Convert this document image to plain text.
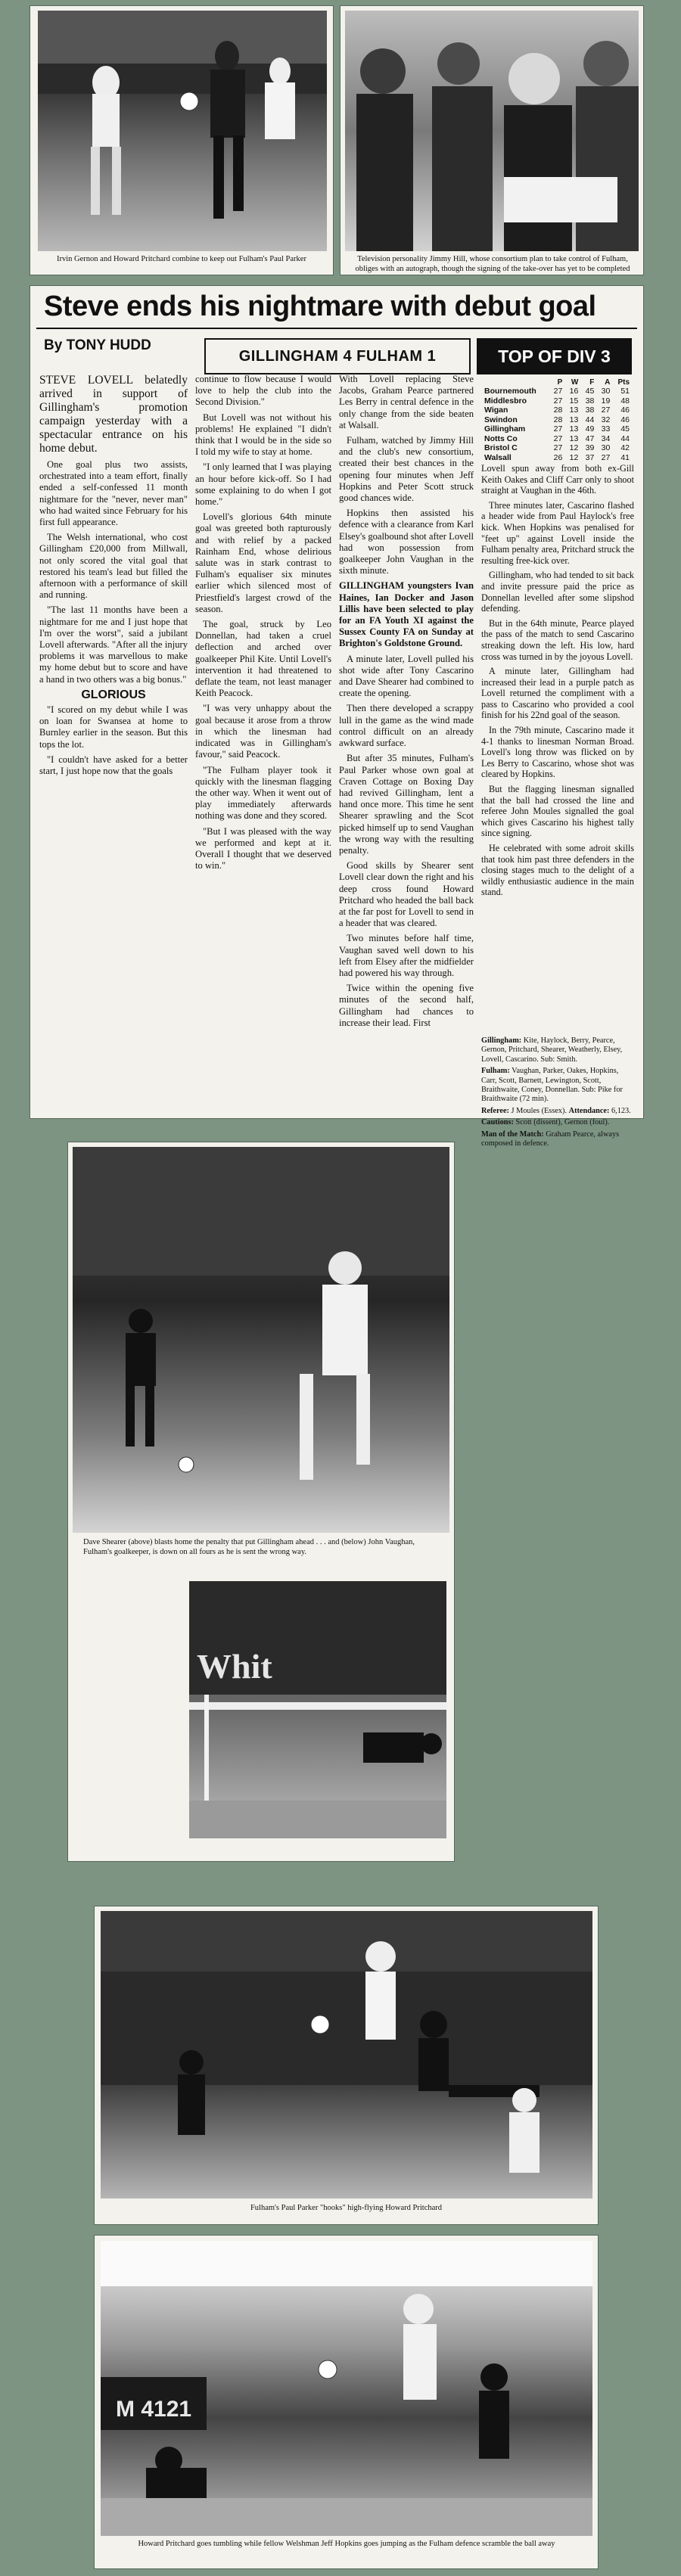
Irvin Gernon and Howard Pritchard combine to keep out Fulham's Paul Parker	Television personality Jimmy Hill, whose consortium plan to take control of Fulham, obliges with an autograph, though the signing of the take-over has yet to be completed
Steve ends his nightmare with debut goal
By TONY HUDD
GILLINGHAM 4 FULHAM 1	TOP OF DIV 3
	P	W	F	A	Pts
Bournemouth	27	16	45	30	51
Middlesbro	27	15	38	19	48
Wigan	28	13	38	27	46
Swindon	28	13	44	32	46
Gillingham	27	13	49	33	45
Notts Co	27	13	47	34	44
Bristol C	27	12	39	30	42
Walsall	26	12	37	27	41

STEVE LOVELL belatedly arrived in support of Gillingham's promotion campaign yesterday with a spectacular entrance on his home debut.

One goal plus two assists, orchestrated into a team effort, finally ended a self-confessed 11 month nightmare for the "never, never man" who had waited since February for his first full appearance.

The Welsh international, who cost Gillingham £20,000 from Millwall, not only scored the vital goal that restored his team's lead but filled the afternoon with a performance of skill and running.

"The last 11 months have been a nightmare for me and I just hope that I'm over the worst", said a jubilant Lovell afterwards. "After all the injury problems it was marvellous to make my home debut but to score and have a hand in two others was a big bonus."

GLORIOUS

"I scored on my debut while I was on loan for Swansea at home to Burnley earlier in the season. But this tops the lot.

"I couldn't have asked for a better start, I just hope now that the goals

continue to flow because I would love to help the club into the Second Division."

But Lovell was not without his problems! He explained "I didn't think that I would be in the side so I told my wife to stay at home.

"I only learned that I was playing an hour before kick-off. So I had some explaining to do when I got home."

Lovell's glorious 64th minute goal was greeted both rapturously and with relief by a packed Rainham End, whose delirious salute was in stark contrast to Fulham's equaliser six minutes earlier which silenced most of Priestfield's largest crowd of the season.

The goal, struck by Leo Donnellan, had taken a cruel deflection and arched over goalkeeper Phil Kite. Until Lovell's intervention it had threatened to deflate the team, not least manager Keith Peacock.

"I was very unhappy about the goal because it arose from a throw in which the linesman had indicated was in Gillingham's favour," said Peacock.

"The Fulham player took it quickly with the linesman flagging the other way. When it went out of play immediately afterwards nothing was done and they scored.

"But I was pleased with the way we performed and kept at it. Overall I thought that we deserved to win."

With Lovell replacing Steve Jacobs, Graham Pearce partnered Les Berry in central defence in the only change from the side beaten at Walsall.

Fulham, watched by Jimmy Hill and the club's new consortium, created their best chances in the opening four minutes when Jeff Hopkins and Peter Scott struck good chances wide.

Hopkins then assisted his defence with a clearance from Karl Elsey's goalbound shot after Lovell had won possession from goalkeeper John Vaughan in the sixth minute.

GILLINGHAM youngsters Ivan Haines, Ian Docker and Jason Lillis have been selected to play for an FA Youth XI against the Sussex County FA on Sunday at Brighton's Goldstone Ground.

A minute later, Lovell pulled his shot wide after Tony Cascarino and Dave Shearer had combined to create the opening.

Then there developed a scrappy lull in the game as the wind made control difficult on an already awkward surface.

But after 35 minutes, Fulham's Paul Parker whose own goal at Craven Cottage on Boxing Day had revived Gillingham, lent a hand once more. This time he sent Shearer sprawling and the Scot picked himself up to send Vaughan the wrong way with the resulting penalty.

Good skills by Shearer sent Lovell clear down the right and his deep cross found Howard Pritchard who headed the ball back at the far post for Lovell to send in a header that was cleared.

Two minutes before half time, Vaughan saved well down to his left from Elsey after the midfielder had powered his way through.

Twice within the opening five minutes of the second half, Gillingham had chances to increase their lead. First

Lovell spun away from both ex-Gill Keith Oakes and Cliff Carr only to shoot straight at Vaughan in the 46th.

Three minutes later, Cascarino flashed a header wide from Paul Haylock's free kick. When Hopkins was penalised for "feet up" against Lovell inside the Fulham penalty area, Pritchard struck the resulting free-kick over.

Gillingham, who had tended to sit back and invite pressure paid the price as Donnellan levelled after some slipshod defending.

But in the 64th minute, Pearce played the pass of the match to send Cascarino streaking down the left. His low, hard cross was turned in by the joyous Lovell.

A minute later, Gillingham had increased their lead in a purple patch as Lovell returned the compliment with a pass to Cascarino who provided a cool finish for his 22nd goal of the season.

In the 79th minute, Cascarino made it 4-1 thanks to linesman Norman Broad. Lovell's long throw was flicked on by Les Berry to Cascarino, whose shot was cleared by Hopkins.

But the flagging linesman signalled that the ball had crossed the line and referee John Moules signalled the goal which gives Cascarino his highest tally since signing.

He celebrated with some adroit skills that took him past three defenders in the closing stages much to the delight of a wildly enthusiastic audience in the main stand.

Gillingham: Kite, Haylock, Berry, Pearce, Gernon, Pritchard, Shearer, Weatherly, Elsey, Lovell, Cascarino. Sub: Smith.

Fulham: Vaughan, Parker, Oakes, Hopkins, Carr, Scott, Barnett, Lewington, Scott, Braithwaite, Coney, Donnellan. Sub: Pike for Braithwaite (72 min).

Referee: J Moules (Essex). Attendance: 6,123.

Cautions: Scott (dissent), Gernon (foul).

Man of the Match: Graham Pearce, always composed in defence.

Dave Shearer (above) blasts home the penalty that put Gillingham ahead . . . and (below) John Vaughan, Fulham's goalkeeper, is down on all fours as he is sent the wrong way.
Whit
Fulham's Paul Parker "hooks" high-flying Howard Pritchard
M 4121
Howard Pritchard goes tumbling while fellow Welshman Jeff Hopkins goes jumping as the Fulham defence scramble the ball away
